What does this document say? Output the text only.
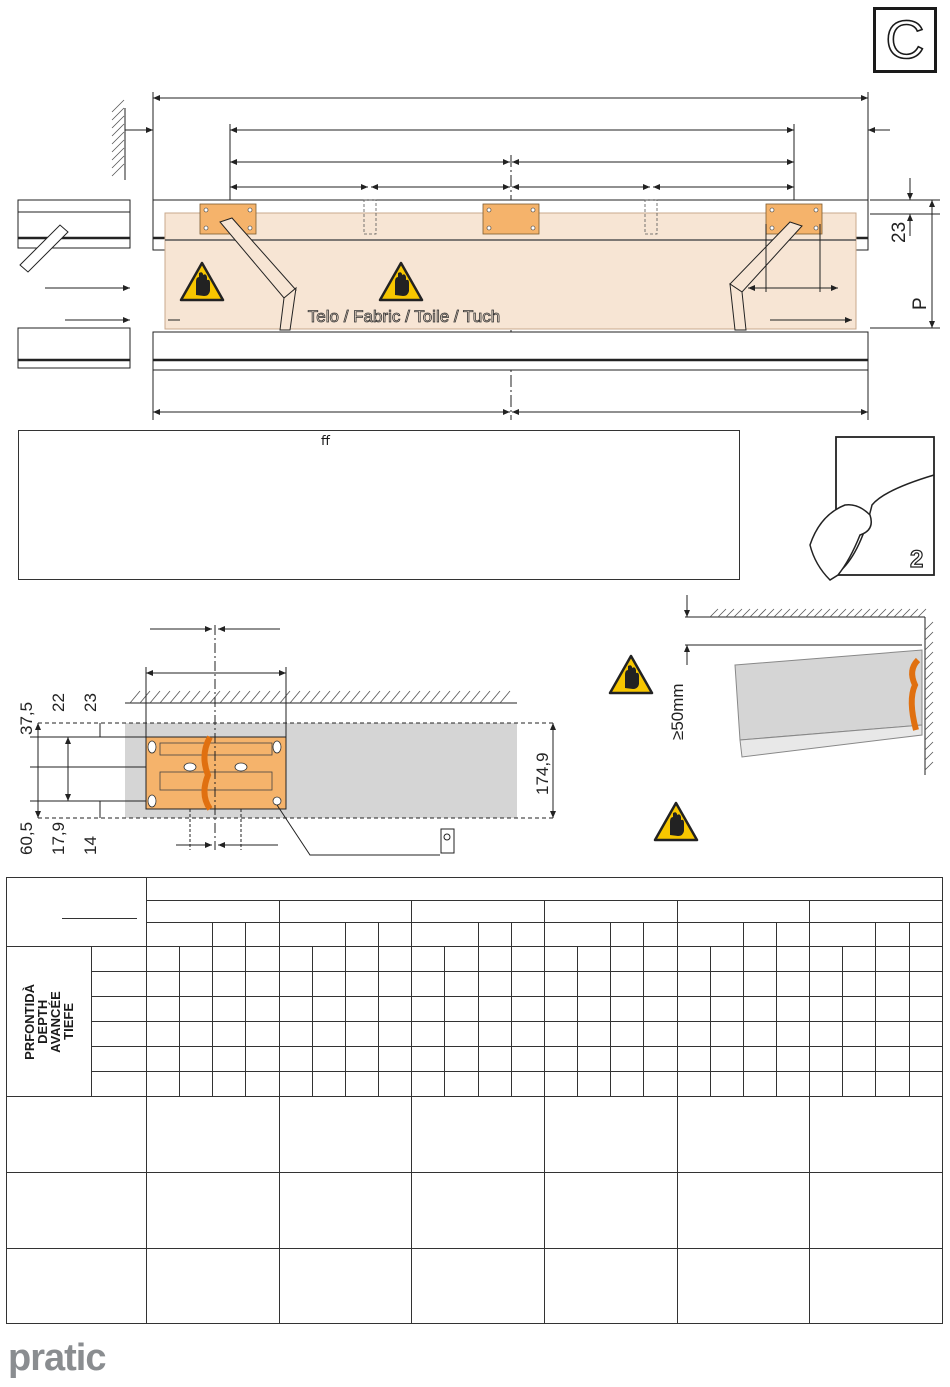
C
Telo / Fabric / Toile / Tuch
23
P
ﬀ
2
37,5 22 23
60,5 17,9 14
174,9
≥50mm

PRFONTIDÀ
DEPTH
AVANCÉE
TIEFE																									

pratic
